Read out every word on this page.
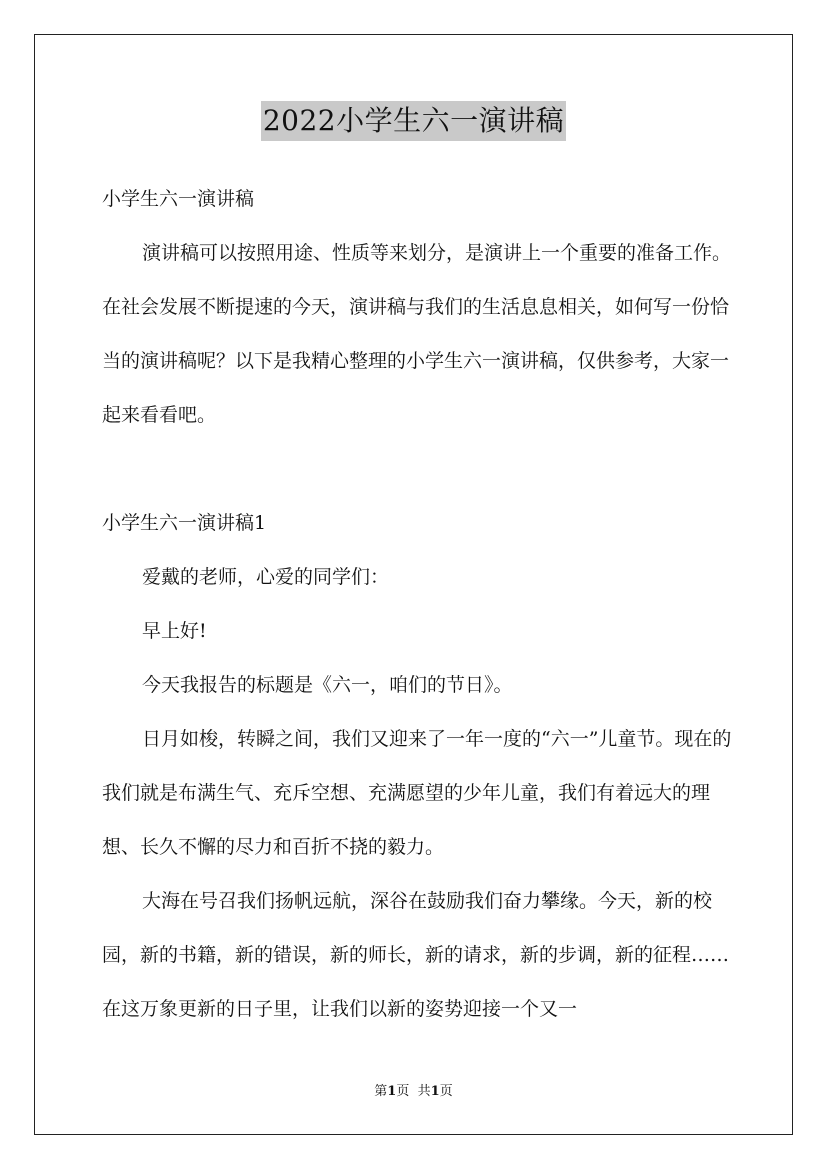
2022小学生六一演讲稿

小学生六一演讲稿

演讲稿可以按照用途、性质等来划分，是演讲上一个重要的准备工作。在社会发展不断提速的今天，演讲稿与我们的生活息息相关，如何写一份恰当的演讲稿呢？以下是我精心整理的小学生六一演讲稿，仅供参考，大家一起来看看吧。

小学生六一演讲稿1

爱戴的老师，心爱的同学们：

早上好!

今天我报告的标题是《六一，咱们的节日》。

日月如梭，转瞬之间，我们又迎来了一年一度的“六一”儿童节。现在的我们就是布满生气、充斥空想、充满愿望的少年儿童，我们有着远大的理想、长久不懈的尽力和百折不挠的毅力。

大海在号召我们扬帆远航，深谷在鼓励我们奋力攀缘。今天，新的校园，新的书籍，新的错误，新的师长，新的请求，新的步调，新的征程……在这万象更新的日子里，让我们以新的姿势迎接一个又一

第1页 共1页
